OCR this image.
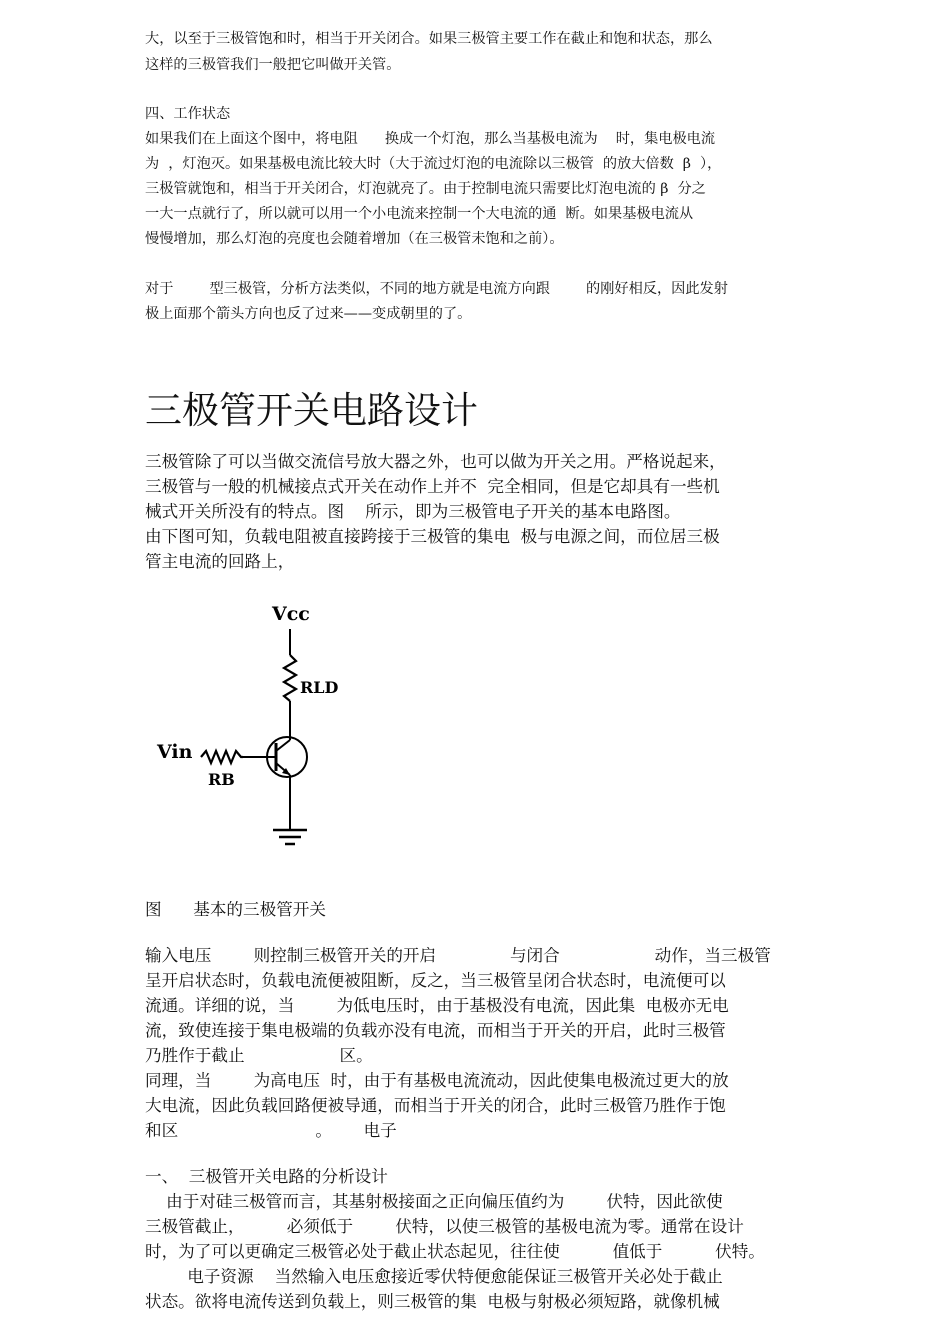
大，以至于三极管饱和时，相当于开关闭合。如果三极管主要工作在截止和饱和状态，那么
这样的三极管我们一般把它叫做开关管。
四、工作状态
如果我们在上面这个图中，将电阻      换成一个灯泡，那么当基极电流为    时，集电极电流
为  ，灯泡灭。如果基极电流比较大时（大于流过灯泡的电流除以三极管  的放大倍数  β  ），
三极管就饱和，相当于开关闭合，灯泡就亮了。由于控制电流只需要比灯泡电流的 β  分之
一大一点就行了，所以就可以用一个小电流来控制一个大电流的通  断。如果基极电流从
慢慢增加，那么灯泡的亮度也会随着增加（在三极管未饱和之前）。
对于        型三极管，分析方法类似，不同的地方就是电流方向跟        的刚好相反，因此发射
极上面那个箭头方向也反了过来——变成朝里的了。
三极管开关电路设计
三极管除了可以当做交流信号放大器之外，也可以做为开关之用。严格说起来，
三极管与一般的机械接点式开关在动作上并不  完全相同，但是它却具有一些机
械式开关所没有的特点。图    所示，即为三极管电子开关的基本电路图。
由下图可知，负载电阻被直接跨接于三极管的集电  极与电源之间，而位居三极
管主电流的回路上，
Vcc
RLD
Vin
RB
图      基本的三极管开关
输入电压        则控制三极管开关的开启              与闭合                  动作，当三极管
呈开启状态时，负载电流便被阻断，反之，当三极管呈闭合状态时，电流便可以
流通。详细的说，当        为低电压时，由于基极没有电流，因此集  电极亦无电
流，致使连接于集电极端的负载亦没有电流，而相当于开关的开启，此时三极管
乃胜作于截止                  区。
同理，当        为高电压  时，由于有基极电流流动，因此使集电极流过更大的放
大电流，因此负载回路便被导通，而相当于开关的闭合，此时三极管乃胜作于饱
和区                          。      电子
一、  三极管开关电路的分析设计
由于对硅三极管而言，其基射极接面之正向偏压值约为        伏特，因此欲使
三极管截止，        必须低于        伏特，以使三极管的基极电流为零。通常在设计
时，为了可以更确定三极管必处于截止状态起见，往往使          值低于          伏特。
电子资源    当然输入电压愈接近零伏特便愈能保证三极管开关必处于截止
状态。欲将电流传送到负载上，则三极管的集  电极与射极必须短路，就像机械
